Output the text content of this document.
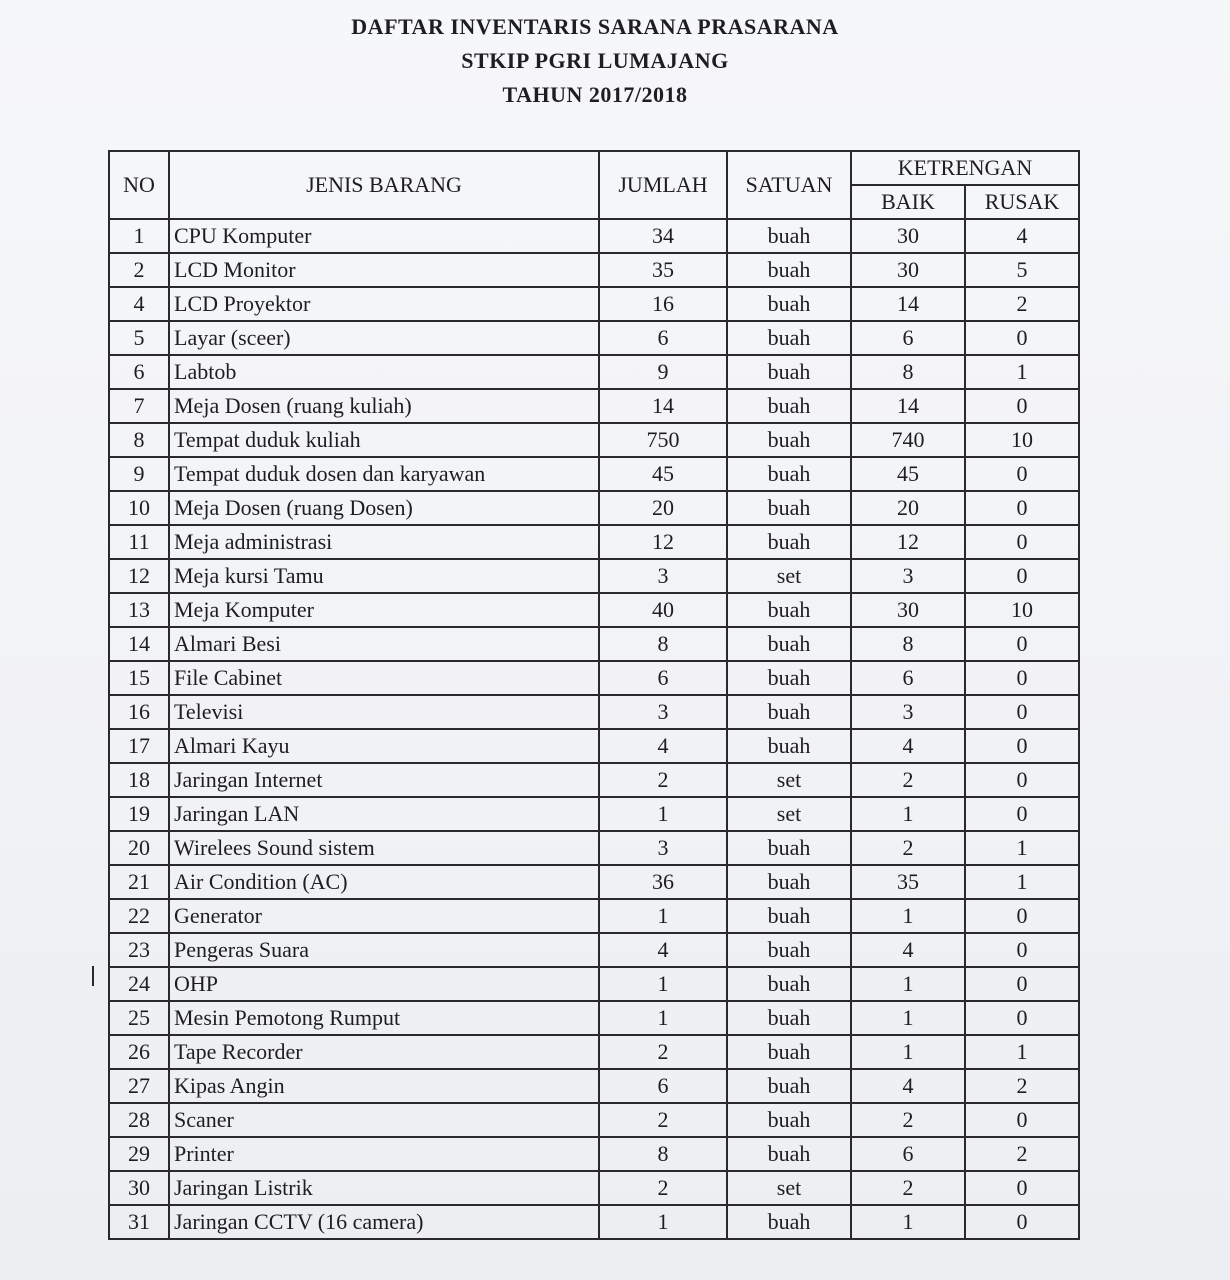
DAFTAR INVENTARIS SARANA PRASARANA
STKIP PGRI LUMAJANG
TAHUN 2017/2018
NO	JENIS BARANG	JUMLAH	SATUAN	KETRENGAN	
				BAIK	RUSAK
1	CPU Komputer	34	buah	30	4
2	LCD Monitor	35	buah	30	5
4	LCD Proyektor	16	buah	14	2
5	Layar (sceer)	6	buah	6	0
6	Labtob	9	buah	8	1
7	Meja Dosen (ruang kuliah)	14	buah	14	0
8	Tempat duduk kuliah	750	buah	740	10
9	Tempat duduk dosen dan karyawan	45	buah	45	0
10	Meja Dosen (ruang Dosen)	20	buah	20	0
11	Meja administrasi	12	buah	12	0
12	Meja kursi Tamu	3	set	3	0
13	Meja Komputer	40	buah	30	10
14	Almari Besi	8	buah	8	0
15	File Cabinet	6	buah	6	0
16	Televisi	3	buah	3	0
17	Almari Kayu	4	buah	4	0
18	Jaringan Internet	2	set	2	0
19	Jaringan LAN	1	set	1	0
20	Wirelees Sound sistem	3	buah	2	1
21	Air Condition (AC)	36	buah	35	1
22	Generator	1	buah	1	0
23	Pengeras Suara	4	buah	4	0
24	OHP	1	buah	1	0
25	Mesin Pemotong Rumput	1	buah	1	0
26	Tape Recorder	2	buah	1	1
27	Kipas Angin	6	buah	4	2
28	Scaner	2	buah	2	0
29	Printer	8	buah	6	2
30	Jaringan Listrik	2	set	2	0
31	Jaringan CCTV (16 camera)	1	buah	1	0
